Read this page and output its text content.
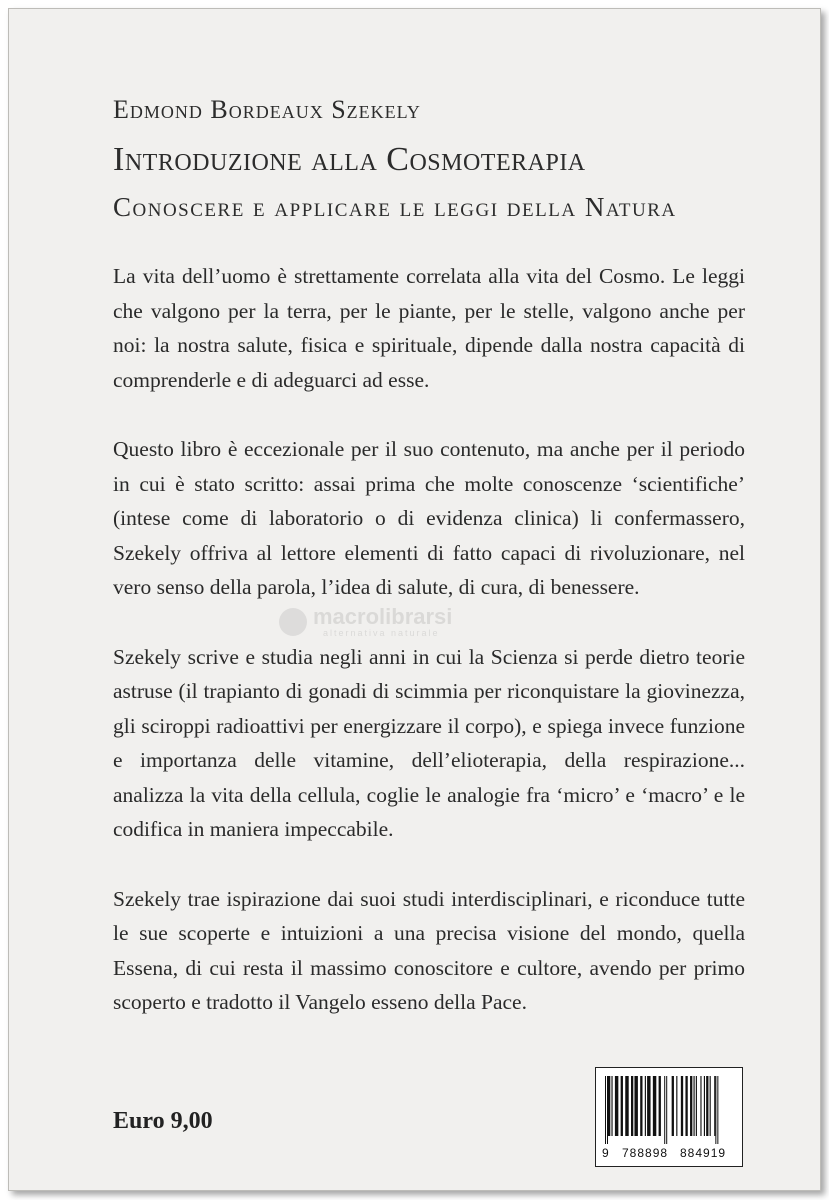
Edmond Bordeaux Szekely

Introduzione alla Cosmoterapia

Conoscere e applicare le leggi della Natura

La vita dell’uomo è strettamente correlata alla vita del Cosmo. Le leggi che valgono per la terra, per le piante, per le stelle, valgono anche per noi: la nostra salute, fisica e spirituale, dipende dalla nostra capacità di comprenderle e di adeguarci ad esse.

Questo libro è eccezionale per il suo contenuto, ma anche per il periodo in cui è stato scritto: assai prima che molte conoscenze ‘scientifiche’ (intese come di laboratorio o di evidenza clinica) li confermassero, Szekely offriva al lettore elementi di fatto capaci di rivoluzionare, nel vero senso della parola, l’idea di salute, di cura, di benessere.

Szekely scrive e studia negli anni in cui la Scienza si perde dietro teorie astruse (il trapianto di gonadi di scimmia per riconquistare la giovinezza, gli sciroppi radioattivi per energizzare il corpo), e spiega invece funzione e importanza delle vitamine, dell’elioterapia, della respirazione... analizza la vita della cellula, coglie le analogie fra ‘micro’ e ‘macro’ e le codifica in maniera impeccabile.

Szekely trae ispirazione dai suoi studi interdisciplinari, e riconduce tutte le sue scoperte e intuizioni a una precisa visione del mondo, quella Essena, di cui resta il massimo conoscitore e cultore, avendo per primo scoperto e tradotto il Vangelo esseno della Pace.

macrolibrarsi
alternativa naturale

Euro 9,00

9 788898 884919
